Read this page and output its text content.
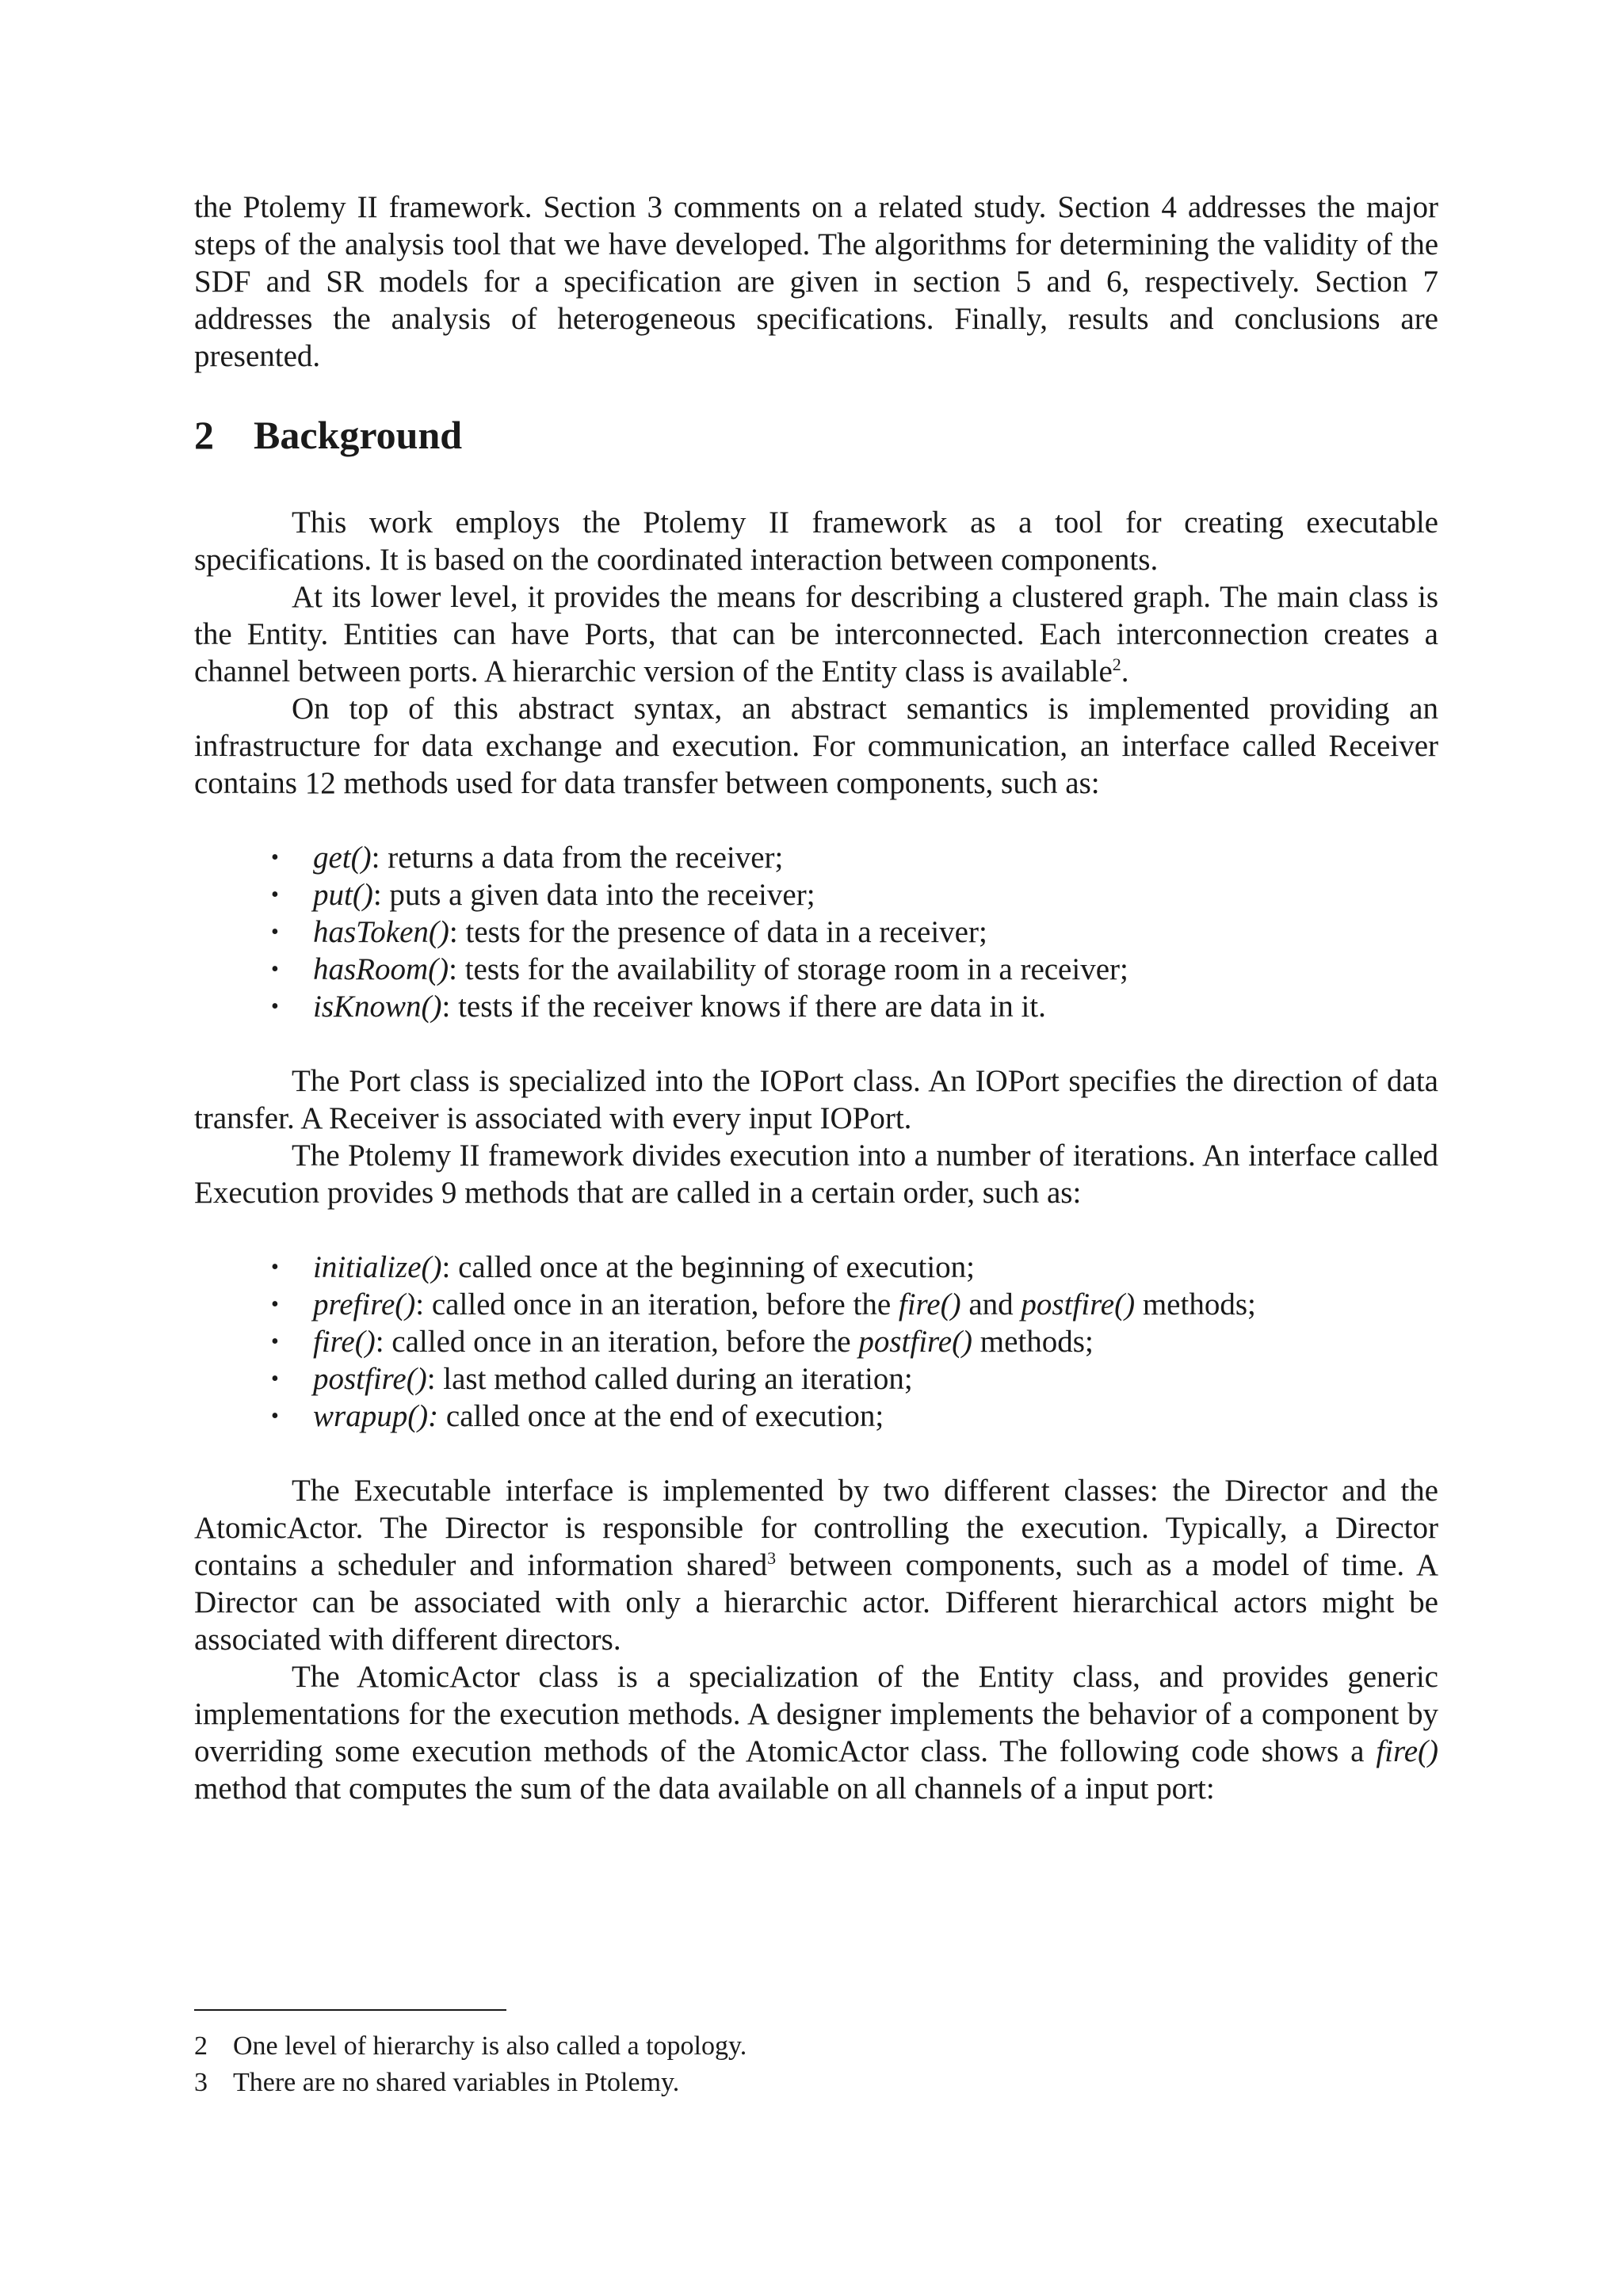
the Ptolemy II framework. Section 3 comments on a related study. Section 4 addresses the major steps of the analysis tool that we have developed. The algorithms for determining the validity of the SDF and SR models for a specification are given in section 5 and 6, respectively. Section 7 addresses the analysis of heterogeneous specifications. Finally, results and conclusions are presented.

2 Background

This work employs the Ptolemy II framework as a tool for creating executable specifications. It is based on the coordinated interaction between components.

At its lower level, it provides the means for describing a clustered graph. The main class is the Entity. Entities can have Ports, that can be interconnected. Each interconnection creates a channel between ports. A hierarchic version of the Entity class is available$^2$.

On top of this abstract syntax, an abstract semantics is implemented providing an infrastructure for data exchange and execution. For communication, an interface called Receiver contains 12 methods used for data transfer between components, such as:

• get(): returns a data from the receiver;
• put(): puts a given data into the receiver;
• hasToken(): tests for the presence of data in a receiver;
• hasRoom(): tests for the availability of storage room in a receiver;
• isKnown(): tests if the receiver knows if there are data in it.

The Port class is specialized into the IOPort class. An IOPort specifies the direction of data transfer. A Receiver is associated with every input IOPort.

The Ptolemy II framework divides execution into a number of iterations. An interface called Execution provides 9 methods that are called in a certain order, such as:

• initialize(): called once at the beginning of execution;
• prefire(): called once in an iteration, before the fire() and postfire() methods;
• fire(): called once in an iteration, before the postfire() methods;
• postfire(): last method called during an iteration;
• wrapup(): called once at the end of execution;

The Executable interface is implemented by two different classes: the Director and the AtomicActor. The Director is responsible for controlling the execution. Typically, a Director contains a scheduler and information shared$^3$ between components, such as a model of time. A Director can be associated with only a hierarchic actor. Different hierarchical actors might be associated with different directors.

The AtomicActor class is a specialization of the Entity class, and provides generic implementations for the execution methods. A designer implements the behavior of a component by overriding some execution methods of the AtomicActor class. The following code shows a fire() method that computes the sum of the data available on all channels of a input port:

2 One level of hierarchy is also called a topology.
3 There are no shared variables in Ptolemy.
